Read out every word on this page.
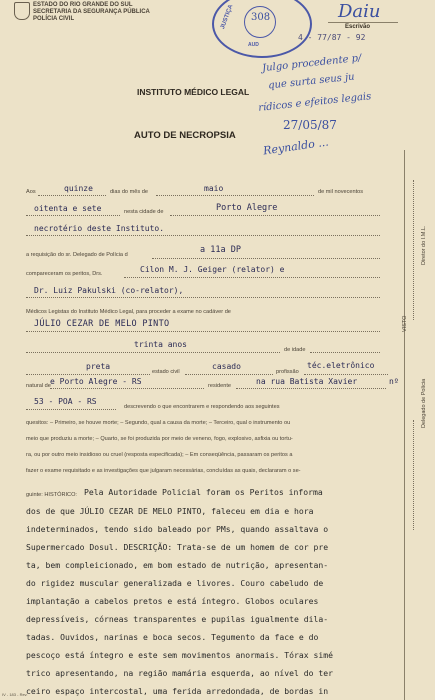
ESTADO DO RIO GRANDE DO SUL
SECRETARIA DA SEGURANÇA PÚBLICA
POLÍCIA CIVIL	308
JUSTIÇA
AUD
4 - 77/87 - 92
Daiu
Escrivão
Julgo procedente p/
que surta seus ju
rídicos e efeitos legais
27/05/87
Reynaldo ...
INSTITUTO MÉDICO LEGAL
AUTO DE NECROPSIA
Aos	quinze	dias do mês de	maio	de mil novecentos
oitenta e sete	nesta cidade de	Porto Alegre
necrotério deste Instituto.
a requisição do sr. Delegado de Polícia d	a 11a DP
compareceram os peritos, Drs.	Cilon M. J. Geiger (relator) e
Dr. Luiz Pakulski (co-relator),
Médicos Legistas do Instituto Médico Legal, para proceder a exame no cadáver de
JÚLIO CEZAR DE MELO PINTO
trinta anos
de idade
preta
estado civil
casado
profissão
téc.eletrônico
natural de e Porto Alegre - RS	residente	na rua Batista Xavier	nº
53 - POA - RS
descrevendo o que encontrarem e respondendo aos seguintes
quesitos: – Primeiro, se houve morte; – Segundo, qual a causa da morte; – Terceiro, qual o instrumento ou
meio que produziu a morte; – Quarto, se foi produzida por meio de veneno, fogo, explosivo, asfixia ou tortu-
ra, ou por outro meio insidioso ou cruel (resposta especificada); – Em conseqüência, passaram os peritos a
fazer o exame requisitado e as investigações que julgaram necessárias, concluídas as quais, declararam o se-
guinte: HISTÓRICO: Pela Autoridade Policial foram os Peritos informa
dos de que JÚLIO CEZAR DE MELO PINTO, faleceu em dia e hora
indeterminados, tendo sido baleado por PMs, quando assaltava o
Supermercado Dosul. DESCRIÇÃO: Trata-se de um homem de cor pre
ta, bem compleicionado, em bom estado de nutrição, apresentan-
do rigidez muscular generalizada e livores. Couro cabeludo de
implantação a cabelos pretos e está íntegro. Globos oculares
depressíveis, córneas transparentes e pupilas igualmente dila-
tadas. Ouvidos, narinas e boca secos. Tegumento da face e do
pescoço está íntegro e este sem movimentos anormais. Tórax simé
trico apresentando, na região mamária esquerda, ao nível do ter
ceiro espaço intercostal, uma ferida arredondada, de bordas in
VISTO
Diretor do I.M.L.
Delegado de Polícia
IV - 183 - Rev.
